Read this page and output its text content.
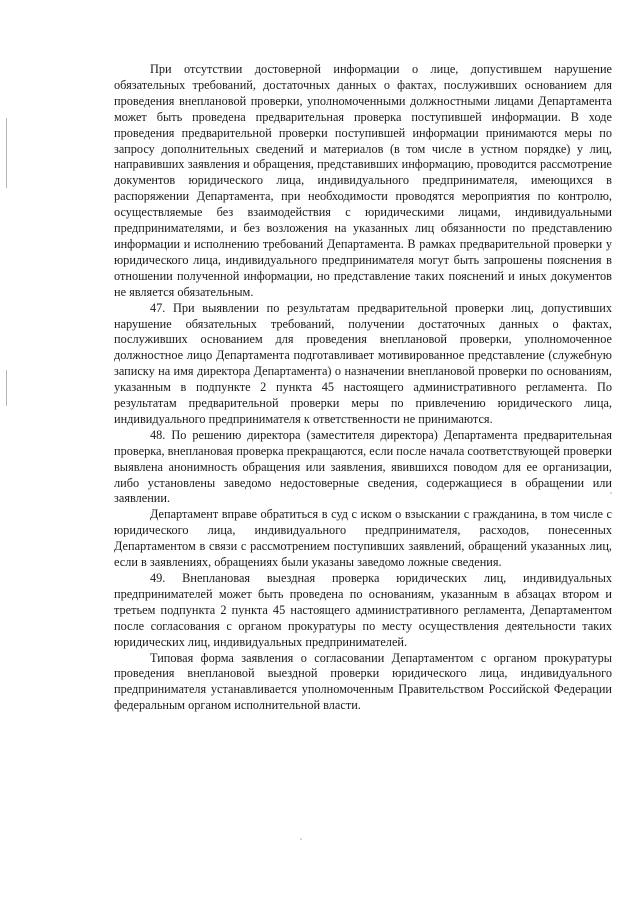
При отсутствии достоверной информации о лице, допустившем нарушение обязательных требований, достаточных данных о фактах, послуживших основанием для проведения внеплановой проверки, уполномоченными должностными лицами Департамента может быть проведена предварительная проверка поступившей информации. В ходе проведения предварительной проверки поступившей информации принимаются меры по запросу дополнительных сведений и материалов (в том числе в устном порядке) у лиц, направивших заявления и обращения, представивших информацию, проводится рассмотрение документов юридического лица, индивидуального предпринимателя, имеющихся в распоряжении Департамента, при необходимости проводятся мероприятия по контролю, осуществляемые без взаимодействия с юридическими лицами, индивидуальными предпринимателями, и без возложения на указанных лиц обязанности по представлению информации и исполнению требований Департамента. В рамках предварительной проверки у юридического лица, индивидуального предпринимателя могут быть запрошены пояснения в отношении полученной информации, но представление таких пояснений и иных документов не является обязательным.

47. При выявлении по результатам предварительной проверки лиц, допустивших нарушение обязательных требований, получении достаточных данных о фактах, послуживших основанием для проведения внеплановой проверки, уполномоченное должностное лицо Департамента подготавливает мотивированное представление (служебную записку на имя директора Департамента) о назначении внеплановой проверки по основаниям, указанным в подпункте 2 пункта 45 настоящего административного регламента. По результатам предварительной проверки меры по привлечению юридического лица, индивидуального предпринимателя к ответственности не принимаются.

48. По решению директора (заместителя директора) Департамента предварительная проверка, внеплановая проверка прекращаются, если после начала соответствующей проверки выявлена анонимность обращения или заявления, явившихся поводом для ее организации, либо установлены заведомо недостоверные сведения, содержащиеся в обращении или заявлении.

Департамент вправе обратиться в суд с иском о взыскании с гражданина, в том числе с юридического лица, индивидуального предпринимателя, расходов, понесенных Департаментом в связи с рассмотрением поступивших заявлений, обращений указанных лиц, если в заявлениях, обращениях были указаны заведомо ложные сведения.

49. Внеплановая выездная проверка юридических лиц, индивидуальных предпринимателей может быть проведена по основаниям, указанным в абзацах втором и третьем подпункта 2 пункта 45 настоящего административного регламента, Департаментом после согласования с органом прокуратуры по месту осуществления деятельности таких юридических лиц, индивидуальных предпринимателей.

Типовая форма заявления о согласовании Департаментом с органом прокуратуры проведения внеплановой выездной проверки юридического лица, индивидуального предпринимателя устанавливается уполномоченным Правительством Российской Федерации федеральным органом исполнительной власти.
